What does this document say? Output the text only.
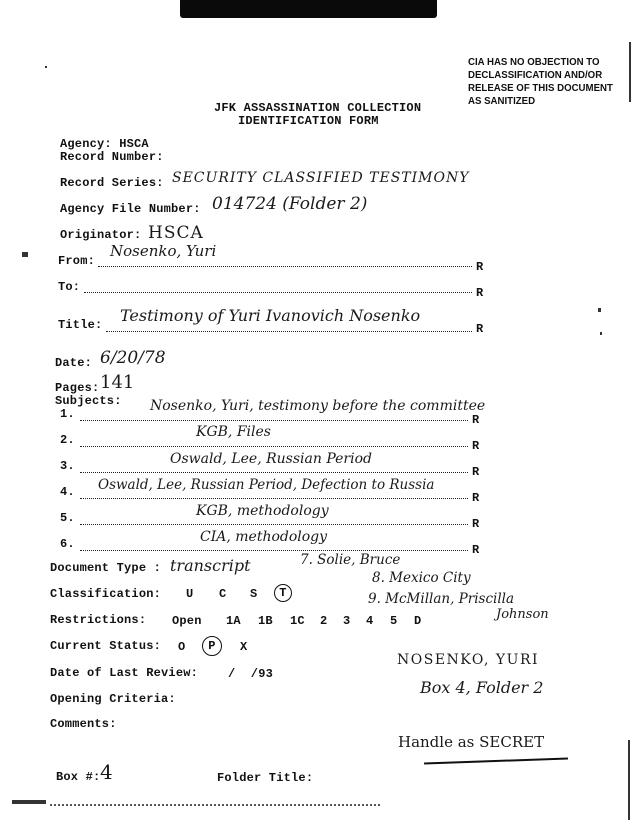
CIA HAS NO OBJECTION TO
DECLASSIFICATION AND/OR
RELEASE OF THIS DOCUMENT
AS SANITIZED
JFK ASSASSINATION COLLECTION
IDENTIFICATION FORM
Agency: HSCA
Record Number:
Record Series: SECURITY CLASSIFIED TESTIMONY
Agency File Number: 014724 (Folder 2)
Originator: HSCA
From:
Nosenko, Yuri
R
To:	R
Title: Testimony of Yuri Ivanovich Nosenko
R
Date: 6/20/78
Pages: 141
Subjects:
1.	Nosenko, Yuri, testimony before the committee
R
2.	KGB, Files
R
3.	Oswald, Lee, Russian Period
R
4. Oswald, Lee, Russian Period, Defection to Russia
R
5.	KGB, methodology
R
6.	CIA, methodology
R
7. Solie, Bruce
8. Mexico City
9. McMillan, Priscilla
Johnson
Document Type : transcript
Classification: U C S	T
Restrictions: Open 1A 1B 1C 2 3 4 5 D
Current Status: O	P	X
Date of Last Review: / /93
NOSENKO, YURI
Box 4, Folder 2
Opening Criteria:
Comments:
Handle as SECRET
Box #: 4	Folder Title:
